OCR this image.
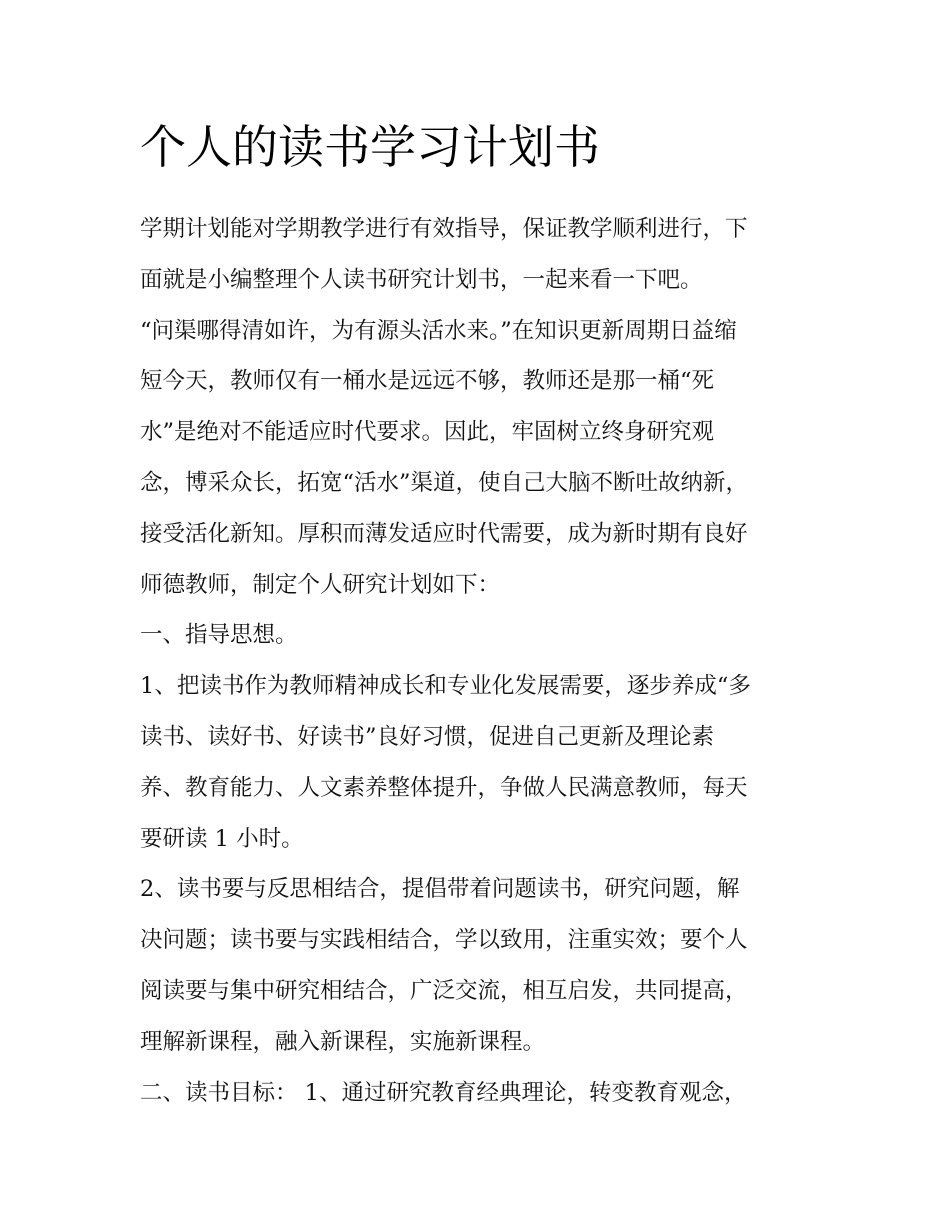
个人的读书学习计划书

学期计划能对学期教学进行有效指导，保证教学顺利进行，下
面就是小编整理个人读书研究计划书，一起来看一下吧。

“问渠哪得清如许，为有源头活水来。”在知识更新周期日益缩
短今天，教师仅有一桶水是远远不够，教师还是那一桶“死
水”是绝对不能适应时代要求。因此，牢固树立终身研究观
念，博采众长，拓宽“活水”渠道，使自己大脑不断吐故纳新，
接受活化新知。厚积而薄发适应时代需要，成为新时期有良好
师德教师，制定个人研究计划如下：

一、指导思想。

1、把读书作为教师精神成长和专业化发展需要，逐步养成“多
读书、读好书、好读书”良好习惯，促进自己更新及理论素
养、教育能力、人文素养整体提升，争做人民满意教师，每天
要研读 1 小时。

2、读书要与反思相结合，提倡带着问题读书，研究问题，解
决问题；读书要与实践相结合，学以致用，注重实效；要个人
阅读要与集中研究相结合，广泛交流，相互启发，共同提高，
理解新课程，融入新课程，实施新课程。

二、读书目标： 1、通过研究教育经典理论，转变教育观念，
